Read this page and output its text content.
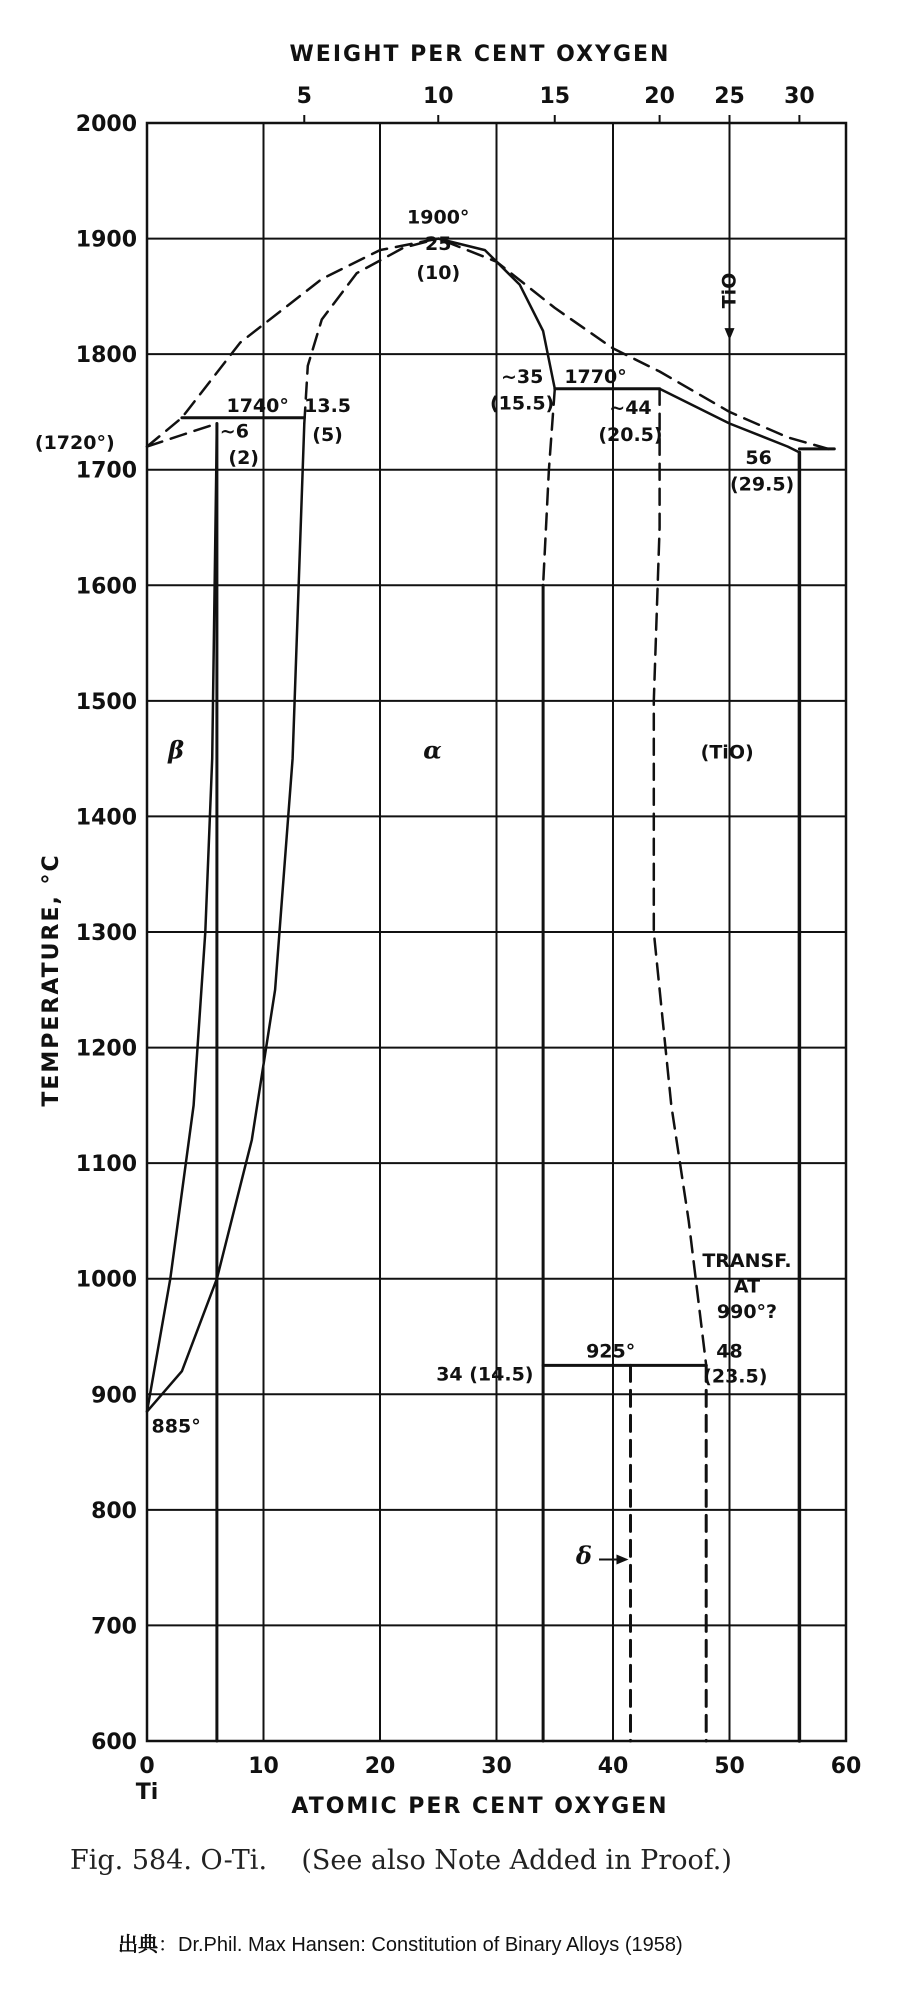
600
700
800
900
1000
1100
1200
1300
1400
1500
1600
1700
1800
1900
2000
0	10	20	30	40	50	60
Ti
5	10	15	20 25 30
1900°
25
(10)	TiO
1740° 13.5
(5)
~6
(2)
(1720°)
~35
(15.5)
1770°
~44
(20.5)
56
(29.5)
β	α	(TiO)
TRANSF.
AT
990°?
925°
34 (14.5)
48
(23.5)
885°
δ
WEIGHT PER CENT OXYGEN
ATOMIC PER CENT OXYGEN
TEMPERATURE, °C
Fig. 584. O-Ti.    (See also Note Added in Proof.)
出典：Dr.Phil. Max Hansen: Constitution of Binary Alloys (1958)
